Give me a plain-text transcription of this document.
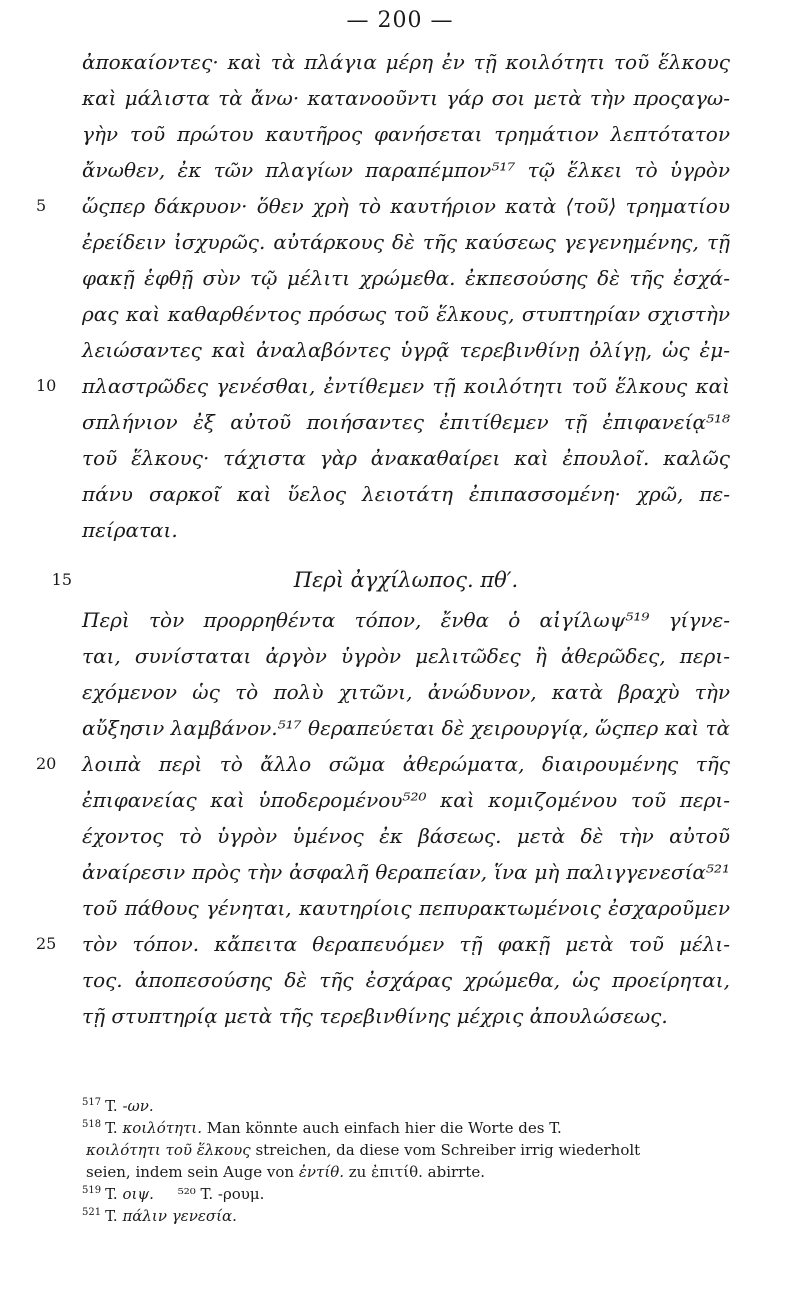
— 200 —
ἀποκαίοντες· καὶ τὰ πλάγια μέρη ἐν τῇ κοιλότητι τοῦ ἕλκους
καὶ μάλιστα τὰ ἄνω· κατανοοῦντι γάρ σοι μετὰ τὴν προςαγω-
γὴν τοῦ πρώτου καυτῆρος φανήσεται τρημάτιον λεπτότατον
ἄνωθεν, ἐκ τῶν πλαγίων παραπέμπον⁵¹⁷ τῷ ἕλκει τὸ ὑγρὸν
5	ὥςπερ δάκρυον· ὅθεν χρὴ τὸ καυτήριον κατὰ ⟨τοῦ⟩ τρηματίου
ἐρείδειν ἰσχυρῶς. αὐτάρκους δὲ τῆς καύσεως γεγενημένης, τῇ
φακῇ ἑφθῇ σὺν τῷ μέλιτι χρώμεθα. ἐκπεσούσης δὲ τῆς ἐσχά-
ρας καὶ καθαρθέντος πρόσως τοῦ ἕλκους, στυπτηρίαν σχιστὴν
λειώσαντες καὶ ἀναλαβόντες ὑγρᾷ τερεβινθίνῃ ὀλίγῃ, ὡς ἐμ-
10	πλαστρῶδες γενέσθαι, ἐντίθεμεν τῇ κοιλότητι τοῦ ἕλκους καὶ
σπλήνιον ἐξ αὐτοῦ ποιήσαντες ἐπιτίθεμεν τῇ ἐπιφανείᾳ⁵¹⁸
τοῦ ἕλκους· τάχιστα γὰρ ἀνακαθαίρει καὶ ἐπουλοῖ. καλῶς
πάνυ σαρκοῖ καὶ ὕελος λειοτάτη ἐπιπασσομένη· χρῶ, πε-
πείραται.
15	Περὶ ἀγχίλωπος. πθ′.
Περὶ τὸν προρρηθέντα τόπον, ἔνθα ὁ αἰγίλωψ⁵¹⁹ γίγνε-
ται, συνίσταται ἀργὸν ὑγρὸν μελιτῶδες ἢ ἀθερῶδες, περι-
εχόμενον ὡς τὸ πολὺ χιτῶνι, ἀνώδυνον, κατὰ βραχὺ τὴν
αὔξησιν λαμβάνον.⁵¹⁷ θεραπεύεται δὲ χειρουργίᾳ, ὥςπερ καὶ τὰ
20	λοιπὰ περὶ τὸ ἄλλο σῶμα ἀθερώματα, διαιρουμένης τῆς
ἐπιφανείας καὶ ὑποδερομένου⁵²⁰ καὶ κομιζομένου τοῦ περι-
έχοντος τὸ ὑγρὸν ὑμένος ἐκ βάσεως. μετὰ δὲ τὴν αὐτοῦ
ἀναίρεσιν πρὸς τὴν ἀσφαλῆ θεραπείαν, ἵνα μὴ παλιγγενεσία⁵²¹
τοῦ πάθους γένηται, καυτηρίοις πεπυρακτωμένοις ἐσχαροῦμεν
25	τὸν τόπον. κἄπειτα θεραπευόμεν τῇ φακῇ μετὰ τοῦ μέλι-
τος. ἀποπεσούσης δὲ τῆς ἐσχάρας χρώμεθα, ὡς προείρηται,
τῇ στυπτηρίᾳ μετὰ τῆς τερεβινθίνης μέχρις ἀπουλώσεως.
$^{517}$ T. -ων.
$^{518}$ T. κοιλότητι. Man könnte auch einfach hier die Worte des T.
κοιλότητι τοῦ ἕλκους streichen, da diese vom Schreiber irrig wiederholt
seien, indem sein Auge von ἐντίθ. zu ἐπιτίθ. abirrte.
$^{519}$ T. οιψ.     ⁵²⁰ T. -ρουμ.
$^{521}$ T. πάλιν γενεσία.
